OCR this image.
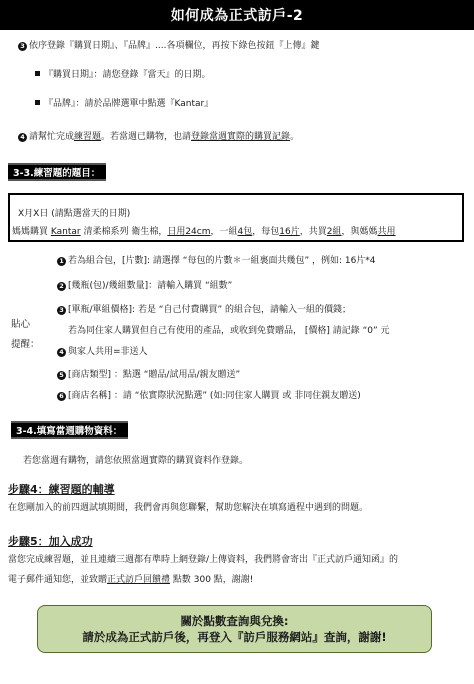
如何成為正式訪戶-2
3 依序登錄『購買日期』、『品牌』....各項欄位，再按下綠色按鈕『上傳』鍵
『購買日期』：請您登錄『當天』的日期。
『品牌』：請於品牌選單中點選『Kantar』
4 請幫忙完成練習題。若當週已購物，也請登錄當週實際的購買記錄。
3-3.練習題的題目：
X月X日 (請點選當天的日期)
媽媽購買 Kantar 清柔棉系列 衛生棉，日用24cm，一組4包，每包16片，共買2組，與媽媽共用
貼心
提醒：
1 若為組合包，[片數]: 請選擇 “每包的片數＊一組裏面共幾包” ，例如: 16片*4
2 [幾瓶(包)/幾組數量]：請輸入購買 “組數”
3 [單瓶/單組價格]: 若是 “自己付費購買” 的組合包，請輸入一組的價錢；
若為同住家人購買但自己有使用的產品，或收到免費贈品， [價格] 請記錄 “0” 元
4 與家人共用=非送人
5 [商店類型] ：點選 “贈品/試用品/親友贈送”
6 [商店名稱] ：請 “依實際狀況點選” (如:同住家人購買 或 非同住親友贈送)
3-4.填寫當週購物資料：
若您當週有購物，請您依照當週實際的購買資料作登錄。
步驟4：練習題的輔導
在您剛加入的前四週試填期間，我們會再與您聯繫，幫助您解決在填寫過程中遇到的問題。
步驟5：加入成功
當您完成練習題，並且連續三週都有準時上網登錄/上傳資料，我們將會寄出『正式訪戶通知函』的
電子郵件通知您，並致贈正式訪戶回饋禮 點數 300 點，謝謝!
關於點數查詢與兌換:
請於成為正式訪戶後，再登入『訪戶服務網站』查詢，謝謝!
